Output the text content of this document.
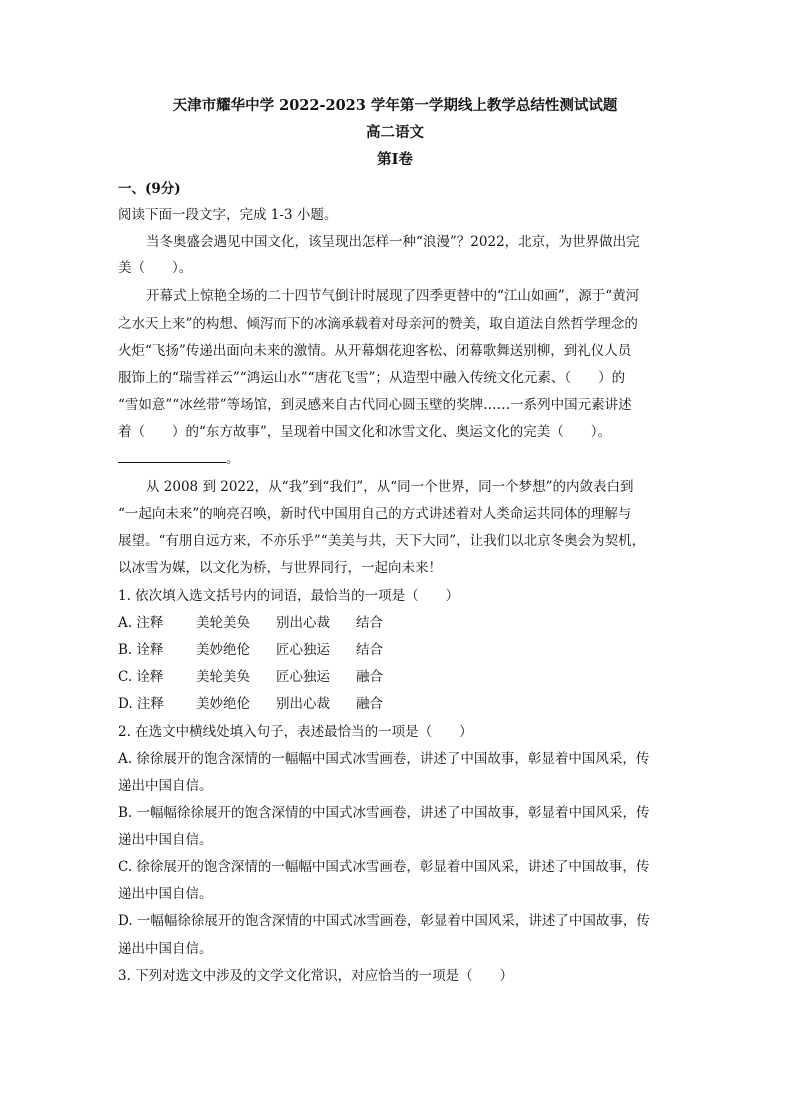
天津市耀华中学 2022-2023 学年第一学期线上教学总结性测试试题
高二语文
第Ⅰ卷
一、(9分)
阅读下面一段文字，完成 1-3 小题。
当冬奥盛会遇见中国文化，该呈现出怎样一种“浪漫”？2022，北京，为世界做出完
美（　　）。
开幕式上惊艳全场的二十四节气倒计时展现了四季更替中的“江山如画”，源于“黄河
之水天上来”的构想、倾泻而下的冰滴承载着对母亲河的赞美，取自道法自然哲学理念的
火炬“飞扬”传递出面向未来的激情。从开幕烟花迎客松、闭幕歌舞送别柳，到礼仪人员
服饰上的“瑞雪祥云”“鸿运山水”“唐花飞雪”；从造型中融入传统文化元素、（　　）的
“雪如意”“冰丝带”等场馆，到灵感来自古代同心圆玉壁的奖牌……一系列中国元素讲述
着（　　）的“东方故事”，呈现着中国文化和冰雪文化、奥运文化的完美（　　）。
。
从 2008 到 2022，从“我”到“我们”，从“同一个世界，同一个梦想”的内敛表白到
“一起向未来”的响亮召唤，新时代中国用自己的方式讲述着对人类命运共同体的理解与
展望。“有朋自远方来，不亦乐乎”“美美与共，天下大同”，让我们以北京冬奥会为契机，
以冰雪为媒，以文化为桥，与世界同行，一起向未来！
1. 依次填入选文括号内的词语，最恰当的一项是（　　）
A. 注释 美轮美奂 别出心裁 结合
B. 诠释 美妙绝伦 匠心独运 结合
C. 诠释 美轮美奂 匠心独运 融合
D. 注释 美妙绝伦 别出心裁 融合
2. 在选文中横线处填入句子，表述最恰当的一项是（　　）
A. 徐徐展开的饱含深情的一幅幅中国式冰雪画卷，讲述了中国故事，彰显着中国风采，传
递出中国自信。
B. 一幅幅徐徐展开的饱含深情的中国式冰雪画卷，讲述了中国故事，彰显着中国风采，传
递出中国自信。
C. 徐徐展开的饱含深情的一幅幅中国式冰雪画卷，彰显着中国风采，讲述了中国故事，传
递出中国自信。
D. 一幅幅徐徐展开的饱含深情的中国式冰雪画卷，彰显着中国风采，讲述了中国故事，传
递出中国自信。
3. 下列对选文中涉及的文学文化常识，对应恰当的一项是（　　）
